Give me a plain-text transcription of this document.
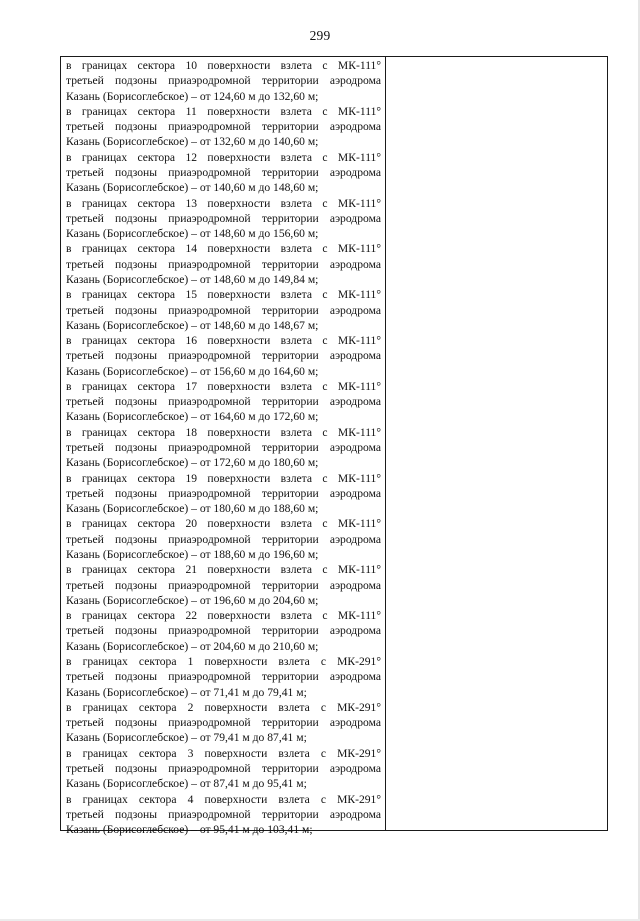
299
в границах сектора 10 поверхности взлета с МК-111°
третьей подзоны приаэродромной территории аэродрома
Казань (Борисоглебское) – от 124,60 м до 132,60 м;
в границах сектора 11 поверхности взлета с МК-111°
третьей подзоны приаэродромной территории аэродрома
Казань (Борисоглебское) – от 132,60 м до 140,60 м;
в границах сектора 12 поверхности взлета с МК-111°
третьей подзоны приаэродромной территории аэродрома
Казань (Борисоглебское) – от 140,60 м до 148,60 м;
в границах сектора 13 поверхности взлета с МК-111°
третьей подзоны приаэродромной территории аэродрома
Казань (Борисоглебское) – от 148,60 м до 156,60 м;
в границах сектора 14 поверхности взлета с МК-111°
третьей подзоны приаэродромной территории аэродрома
Казань (Борисоглебское) – от 148,60 м до 149,84 м;
в границах сектора 15 поверхности взлета с МК-111°
третьей подзоны приаэродромной территории аэродрома
Казань (Борисоглебское) – от 148,60 м до 148,67 м;
в границах сектора 16 поверхности взлета с МК-111°
третьей подзоны приаэродромной территории аэродрома
Казань (Борисоглебское) – от 156,60 м до 164,60 м;
в границах сектора 17 поверхности взлета с МК-111°
третьей подзоны приаэродромной территории аэродрома
Казань (Борисоглебское) – от 164,60 м до 172,60 м;
в границах сектора 18 поверхности взлета с МК-111°
третьей подзоны приаэродромной территории аэродрома
Казань (Борисоглебское) – от 172,60 м до 180,60 м;
в границах сектора 19 поверхности взлета с МК-111°
третьей подзоны приаэродромной территории аэродрома
Казань (Борисоглебское) – от 180,60 м до 188,60 м;
в границах сектора 20 поверхности взлета с МК-111°
третьей подзоны приаэродромной территории аэродрома
Казань (Борисоглебское) – от 188,60 м до 196,60 м;
в границах сектора 21 поверхности взлета с МК-111°
третьей подзоны приаэродромной территории аэродрома
Казань (Борисоглебское) – от 196,60 м до 204,60 м;
в границах сектора 22 поверхности взлета с МК-111°
третьей подзоны приаэродромной территории аэродрома
Казань (Борисоглебское) – от 204,60 м до 210,60 м;
в границах сектора 1 поверхности взлета с МК-291°
третьей подзоны приаэродромной территории аэродрома
Казань (Борисоглебское) – от 71,41 м до 79,41 м;
в границах сектора 2 поверхности взлета с МК-291°
третьей подзоны приаэродромной территории аэродрома
Казань (Борисоглебское) – от 79,41 м до 87,41 м;
в границах сектора 3 поверхности взлета с МК-291°
третьей подзоны приаэродромной территории аэродрома
Казань (Борисоглебское) – от 87,41 м до 95,41 м;
в границах сектора 4 поверхности взлета с МК-291°
третьей подзоны приаэродромной территории аэродрома
Казань (Борисоглебское) – от 95,41 м до 103,41 м;
